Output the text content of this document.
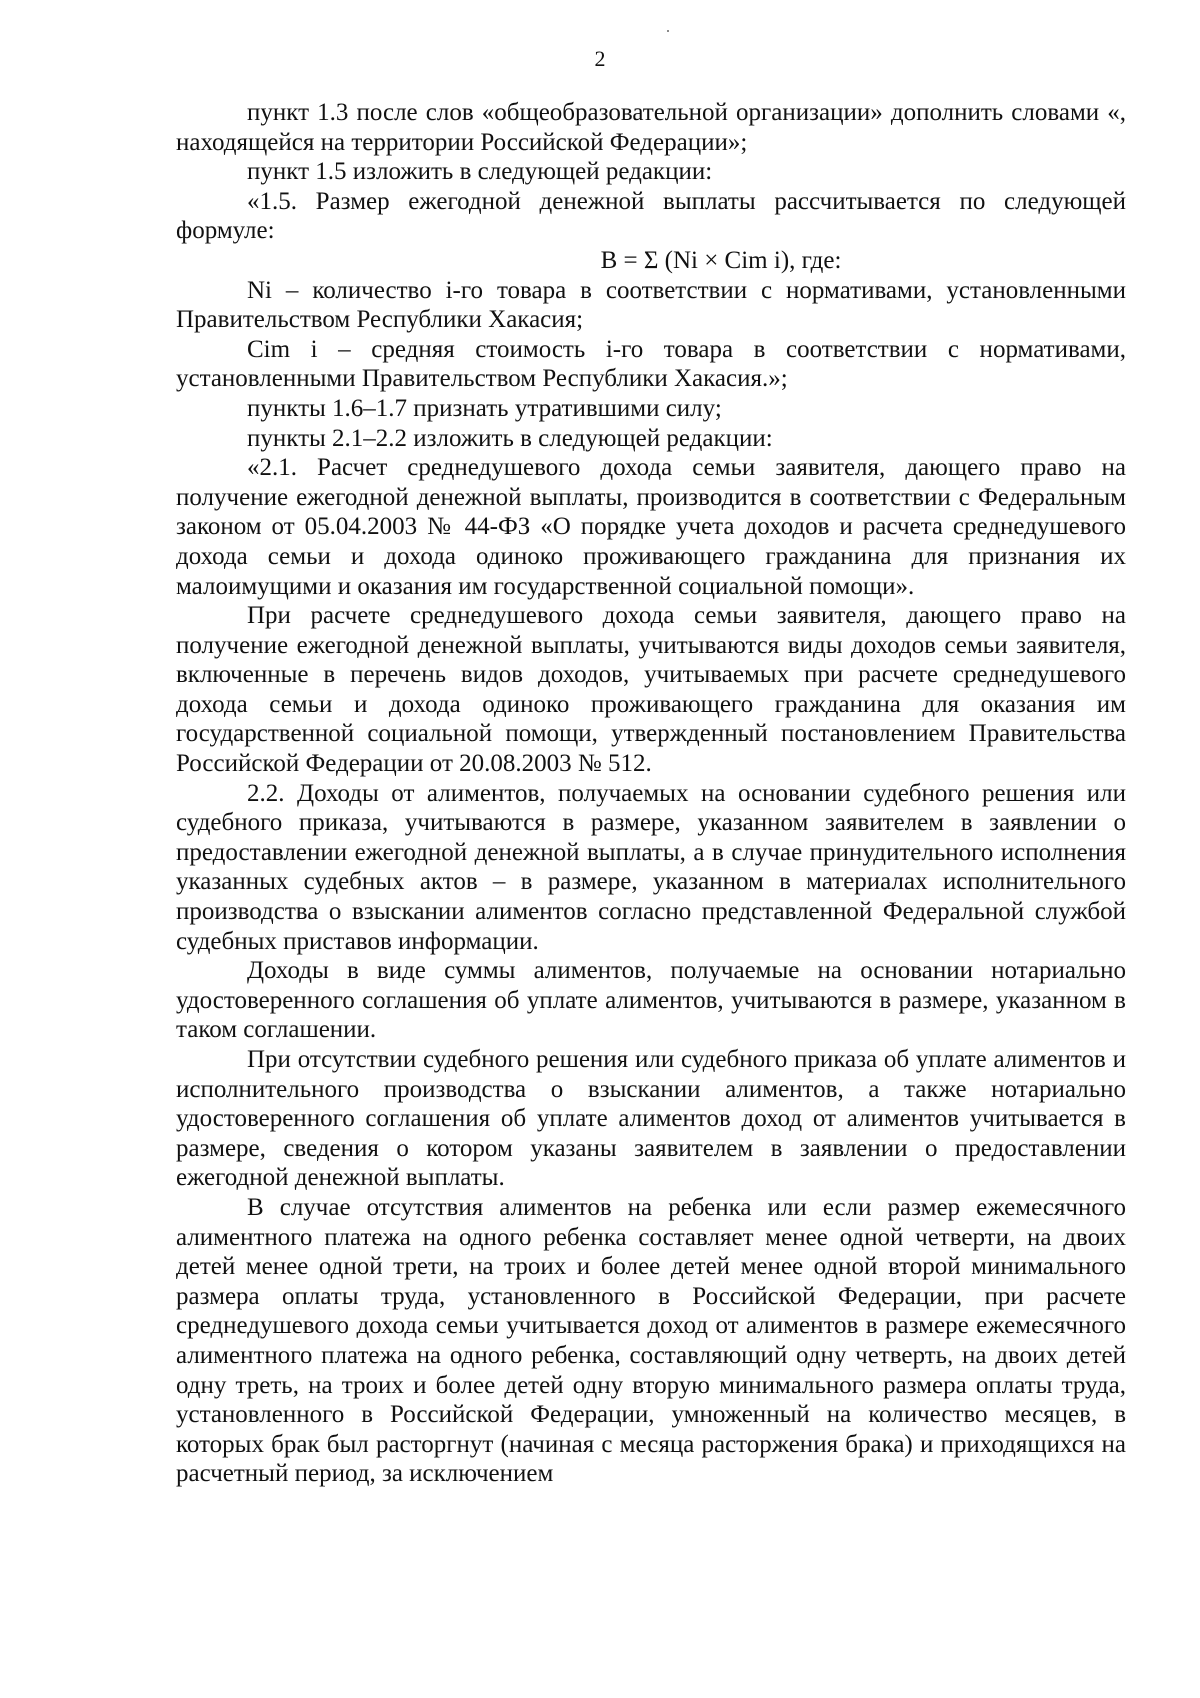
2

пункт 1.3 после слов «общеобразовательной организации» дополнить словами «, находящейся на территории Российской Федерации»;

пункт 1.5 изложить в следующей редакции:

«1.5. Размер ежегодной денежной выплаты рассчитывается по следующей формуле:

В = Σ (Ni × Cim i), где:

Ni – количество i-го товара в соответствии с нормативами, установленными Правительством Республики Хакасия;

Cim i – средняя стоимость i-го товара в соответствии с нормативами, установленными Правительством Республики Хакасия.»;

пункты 1.6–1.7 признать утратившими силу;

пункты 2.1–2.2 изложить в следующей редакции:

«2.1. Расчет среднедушевого дохода семьи заявителя, дающего право на получение ежегодной денежной выплаты, производится в соответствии с Федеральным законом от 05.04.2003 № 44-ФЗ «О порядке учета доходов и расчета среднедушевого дохода семьи и дохода одиноко проживающего гражданина для признания их малоимущими и оказания им государственной социальной помощи».

При расчете среднедушевого дохода семьи заявителя, дающего право на получение ежегодной денежной выплаты, учитываются виды доходов семьи заявителя, включенные в перечень видов доходов, учитываемых при расчете среднедушевого дохода семьи и дохода одиноко проживающего гражданина для оказания им государственной социальной помощи, утвержденный постановлением Правительства Российской Федерации от 20.08.2003 № 512.

2.2. Доходы от алиментов, получаемых на основании судебного решения или судебного приказа, учитываются в размере, указанном заявителем в заявлении о предоставлении ежегодной денежной выплаты, а в случае принудительного исполнения указанных судебных актов – в размере, указанном в материалах исполнительного производства о взыскании алиментов согласно представленной Федеральной службой судебных приставов информации.

Доходы в виде суммы алиментов, получаемые на основании нотариально удостоверенного соглашения об уплате алиментов, учитываются в размере, указанном в таком соглашении.

При отсутствии судебного решения или судебного приказа об уплате алиментов и исполнительного производства о взыскании алиментов, а также нотариально удостоверенного соглашения об уплате алиментов доход от алиментов учитывается в размере, сведения о котором указаны заявителем в заявлении о предоставлении ежегодной денежной выплаты.

В случае отсутствия алиментов на ребенка или если размер ежемесячного алиментного платежа на одного ребенка составляет менее одной четверти, на двоих детей менее одной трети, на троих и более детей менее одной второй минимального размера оплаты труда, установленного в Российской Федерации, при расчете среднедушевого дохода семьи учитывается доход от алиментов в размере ежемесячного алиментного платежа на одного ребенка, составляющий одну четверть, на двоих детей одну треть, на троих и более детей одну вторую минимального размера оплаты труда, установленного в Российской Федерации, умноженный на количество месяцев, в которых брак был расторгнут (начиная с месяца расторжения брака) и приходящихся на расчетный период, за исключением
